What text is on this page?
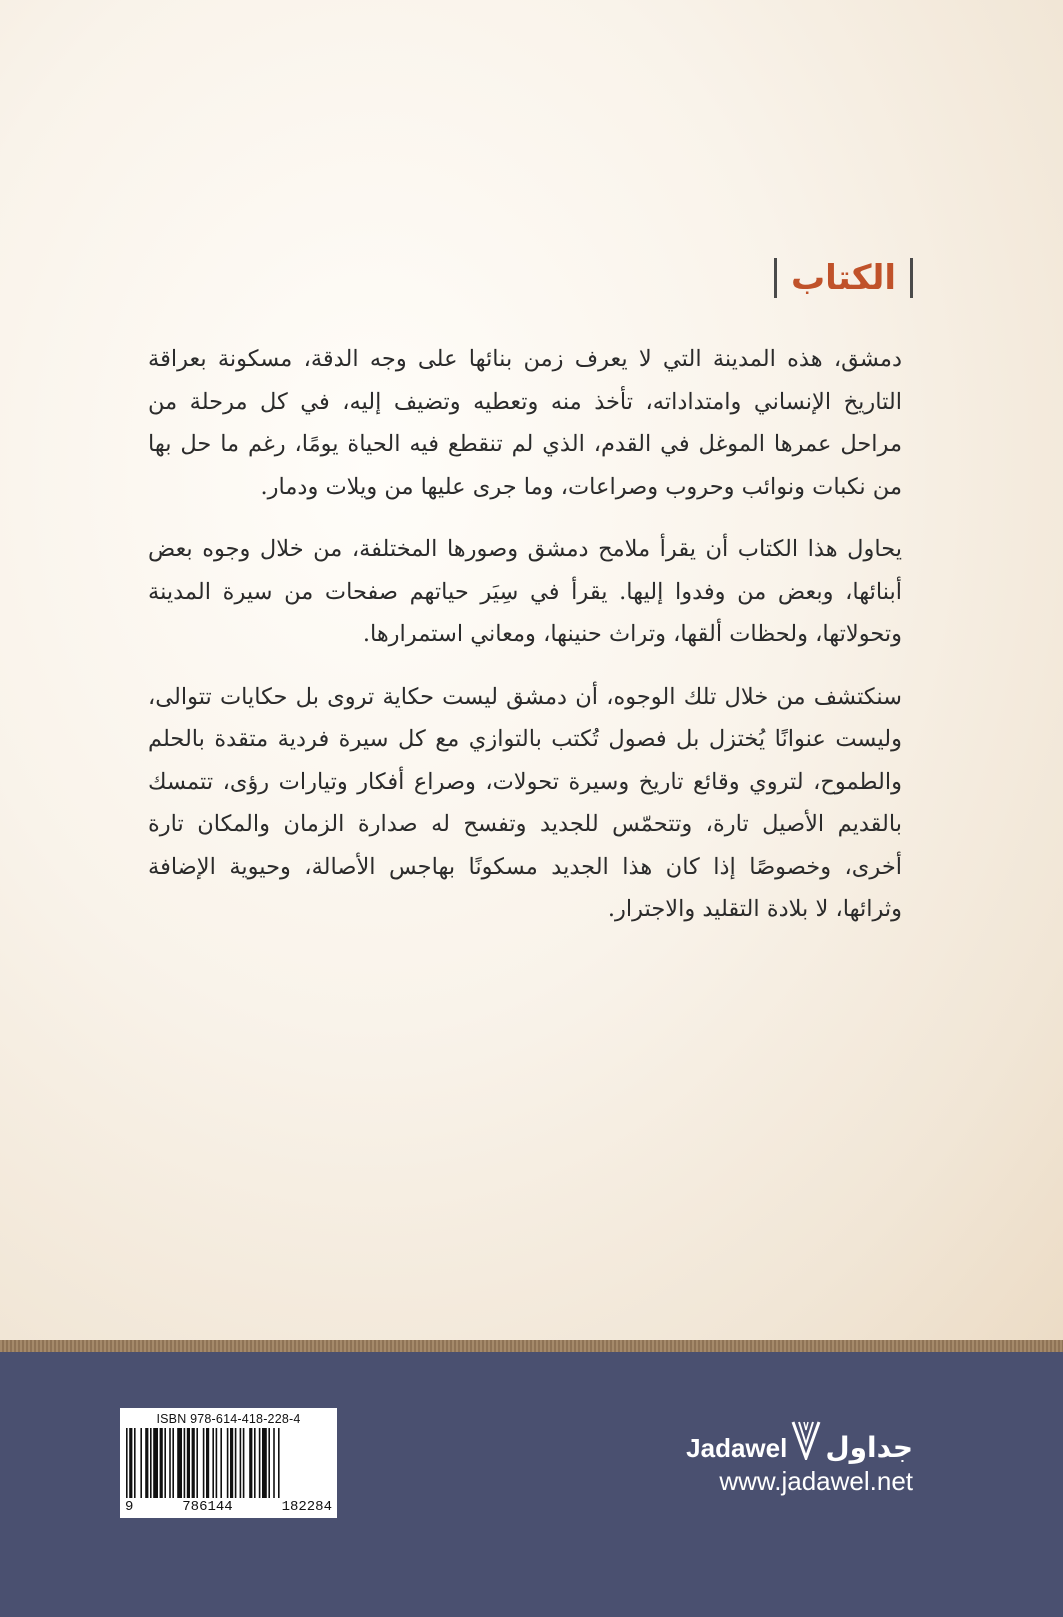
الكتاب

دمشق، هذه المدينة التي لا يعرف زمن بنائها على وجه الدقة، مسكونة بعراقة التاريخ الإنساني وامتداداته، تأخذ منه وتعطيه وتضيف إليه، في كل مرحلة من مراحل عمرها الموغل في القدم، الذي لم تنقطع فيه الحياة يومًا، رغم ما حل بها من نكبات ونوائب وحروب وصراعات، وما جرى عليها من ويلات ودمار.

يحاول هذا الكتاب أن يقرأ ملامح دمشق وصورها المختلفة، من خلال وجوه بعض أبنائها، وبعض من وفدوا إليها. يقرأ في سِيَر حياتهم صفحات من سيرة المدينة وتحولاتها، ولحظات ألقها، وتراث حنينها، ومعاني استمرارها.

سنكتشف من خلال تلك الوجوه، أن دمشق ليست حكاية تروى بل حكايات تتوالى، وليست عنوانًا يُختزل بل فصول تُكتب بالتوازي مع كل سيرة فردية متقدة بالحلم والطموح، لتروي وقائع تاريخ وسيرة تحولات، وصراع أفكار وتيارات رؤى، تتمسك بالقديم الأصيل تارة، وتتحمّس للجديد وتفسح له صدارة الزمان والمكان تارة أخرى، وخصوصًا إذا كان هذا الجديد مسكونًا بهاجس الأصالة، وحيوية الإضافة وثرائها، لا بلادة التقليد والاجترار.

ISBN 978-614-418-228-4
9	786144	182284
Jadawel جداول
www.jadawel.net
